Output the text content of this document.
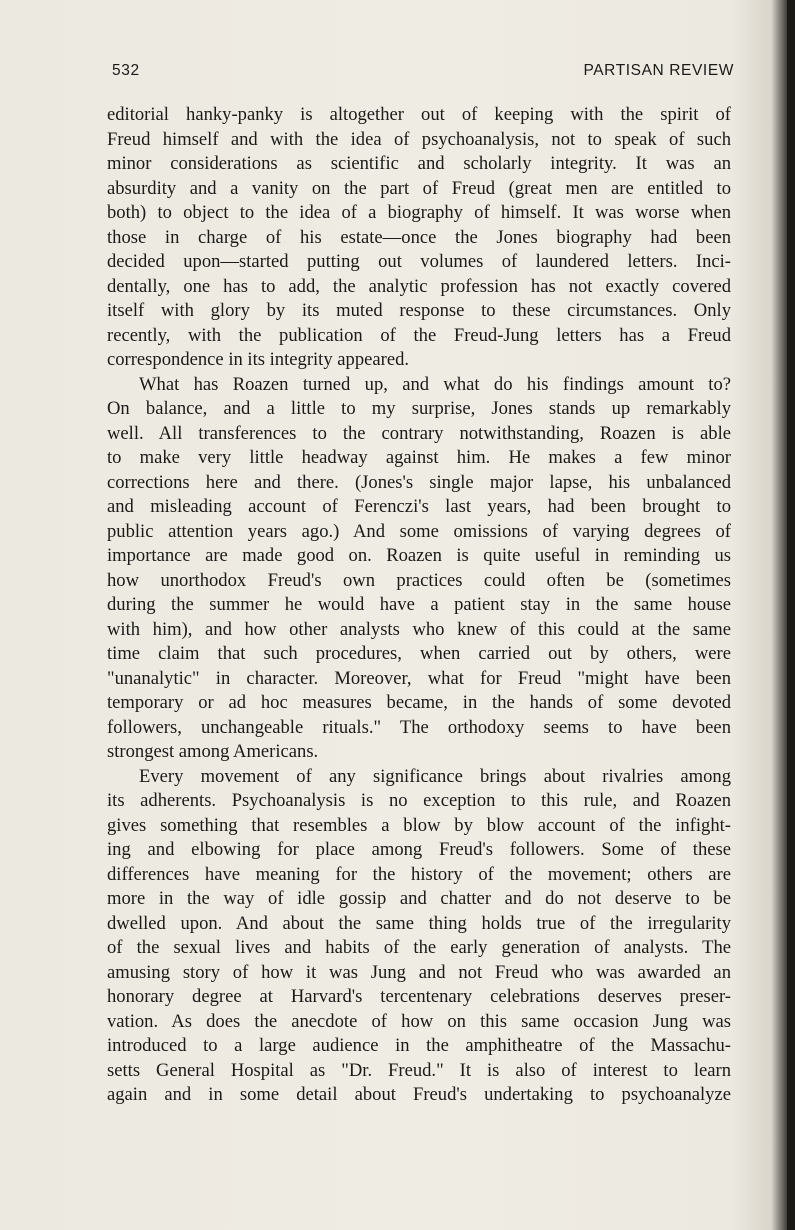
532	PARTISAN REVIEW

editorial hanky-panky is altogether out of keeping with the spirit of
Freud himself and with the idea of psychoanalysis, not to speak of such
minor considerations as scientific and scholarly integrity. It was an
absurdity and a vanity on the part of Freud (great men are entitled to
both) to object to the idea of a biography of himself. It was worse when
those in charge of his estate—once the Jones biography had been
decided upon—started putting out volumes of laundered letters. Inci-
dentally, one has to add, the analytic profession has not exactly covered
itself with glory by its muted response to these circumstances. Only
recently, with the publication of the Freud-Jung letters has a Freud
correspondence in its integrity appeared.

What has Roazen turned up, and what do his findings amount to?
On balance, and a little to my surprise, Jones stands up remarkably
well. All transferences to the contrary notwithstanding, Roazen is able
to make very little headway against him. He makes a few minor
corrections here and there. (Jones's single major lapse, his unbalanced
and misleading account of Ferenczi's last years, had been brought to
public attention years ago.) And some omissions of varying degrees of
importance are made good on. Roazen is quite useful in reminding us
how unorthodox Freud's own practices could often be (sometimes
during the summer he would have a patient stay in the same house
with him), and how other analysts who knew of this could at the same
time claim that such procedures, when carried out by others, were
"unanalytic" in character. Moreover, what for Freud "might have been
temporary or ad hoc measures became, in the hands of some devoted
followers, unchangeable rituals." The orthodoxy seems to have been
strongest among Americans.

Every movement of any significance brings about rivalries among
its adherents. Psychoanalysis is no exception to this rule, and Roazen
gives something that resembles a blow by blow account of the infight-
ing and elbowing for place among Freud's followers. Some of these
differences have meaning for the history of the movement; others are
more in the way of idle gossip and chatter and do not deserve to be
dwelled upon. And about the same thing holds true of the irregularity
of the sexual lives and habits of the early generation of analysts. The
amusing story of how it was Jung and not Freud who was awarded an
honorary degree at Harvard's tercentenary celebrations deserves preser-
vation. As does the anecdote of how on this same occasion Jung was
introduced to a large audience in the amphitheatre of the Massachu-
setts General Hospital as "Dr. Freud." It is also of interest to learn
again and in some detail about Freud's undertaking to psychoanalyze
